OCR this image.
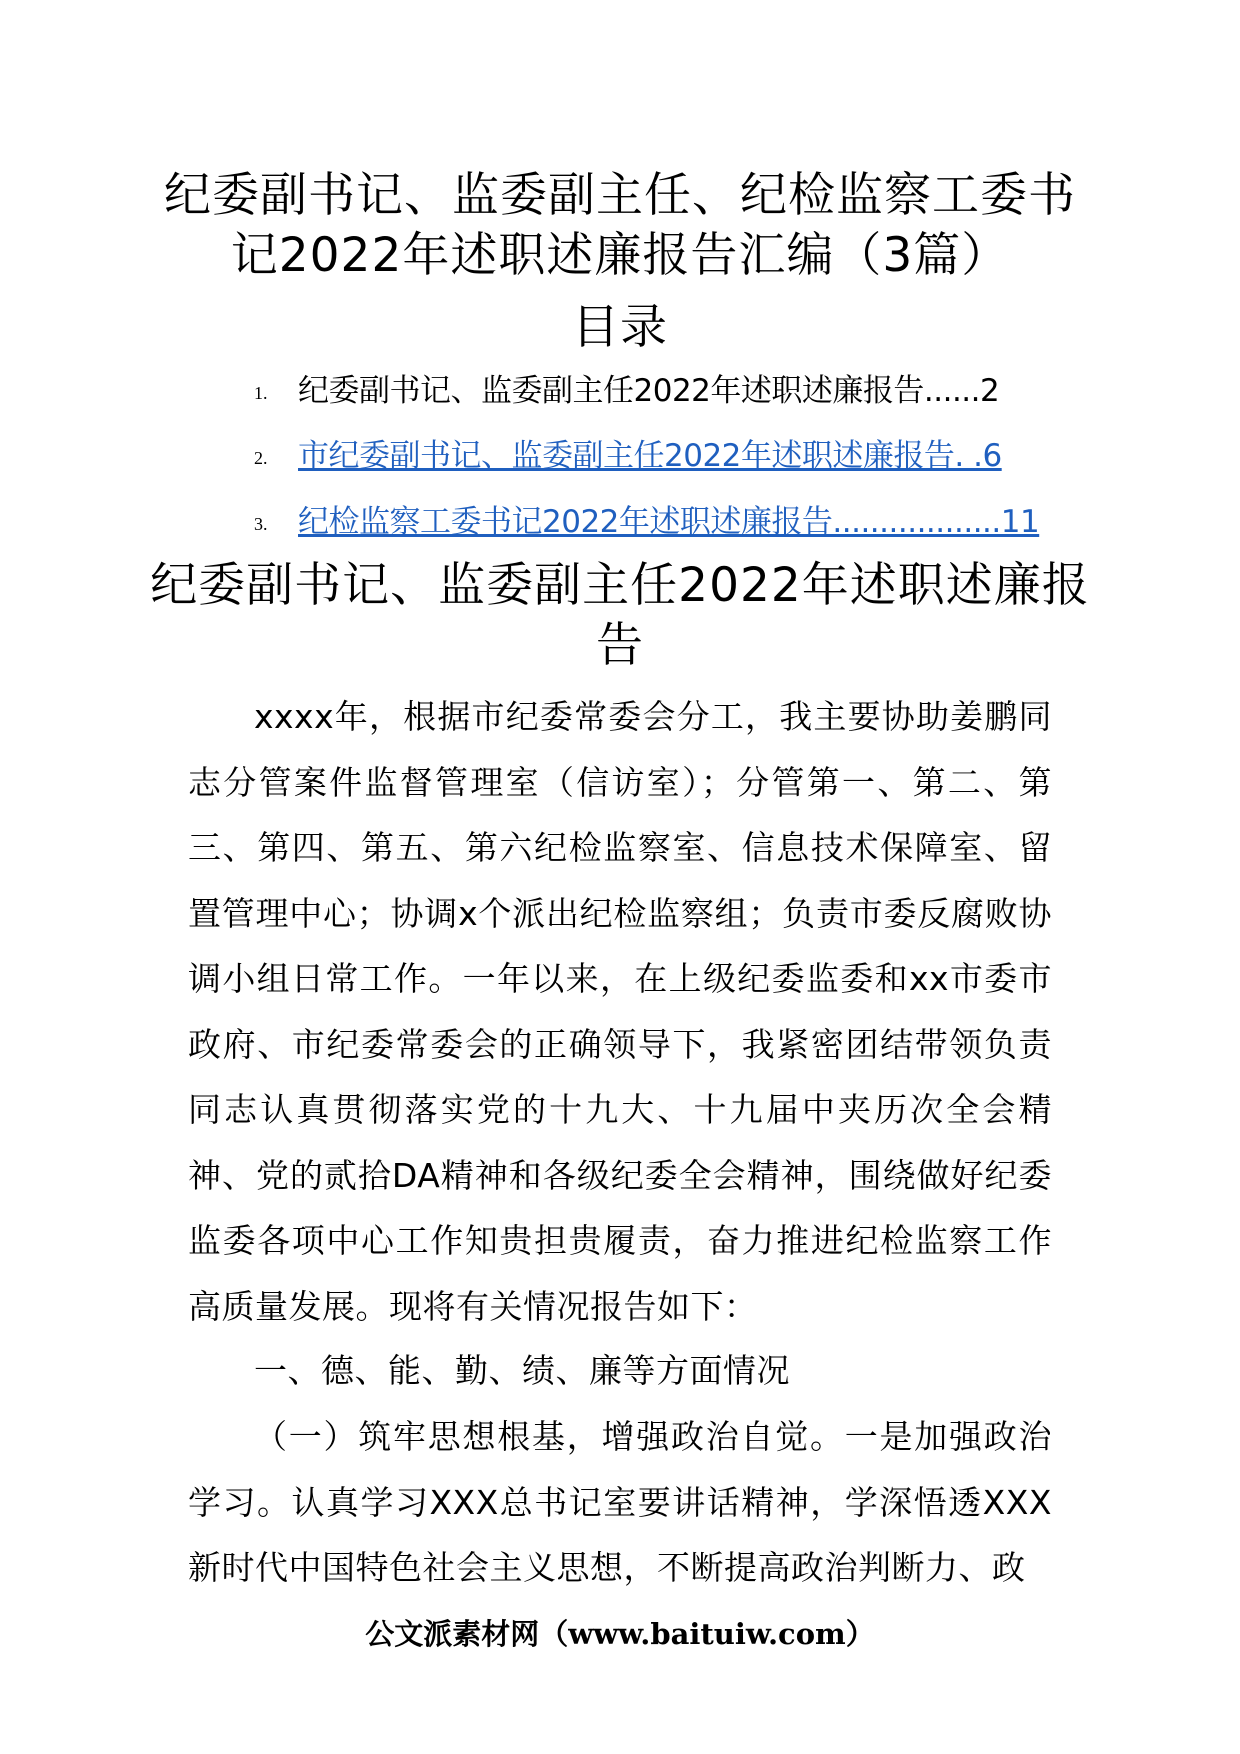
纪委副书记、监委副主任、纪检监察工委书记2022年述职述廉报告汇编（3篇）
目录
1. 纪委副书记、监委副主任2022年述职述廉报告......2
2. 市纪委副书记、监委副主任2022年述职述廉报告. .6
3. 纪检监察工委书记2022年述职述廉报告..................11
纪委副书记、监委副主任2022年述职述廉报告

xxxx年，根据市纪委常委会分工，我主要协助姜鹏同志分管案件监督管理室（信访室）；分管第一、第二、第三、第四、第五、第六纪检监察室、信息技术保障室、留置管理中心；协调x个派出纪检监察组；负责市委反腐败协调小组日常工作。一年以来，在上级纪委监委和xx市委市政府、市纪委常委会的正确领导下，我紧密团结带领负责同志认真贯彻落实党的十九大、十九届中夹历次全会精神、党的贰拾DA精神和各级纪委全会精神，围绕做好纪委监委各项中心工作知贵担贵履责，奋力推进纪检监察工作高质量发展。现将有关情况报告如下：

一、德、能、勤、绩、廉等方面情况

（一）筑牢思想根基，增强政治自觉。一是加强政治学习。认真学习XXX总书记室要讲话精神，学深悟透XXX新时代中国特色社会主义思想，不断提高政治判断力、政

公文派素材网（www.baituiw.com）
